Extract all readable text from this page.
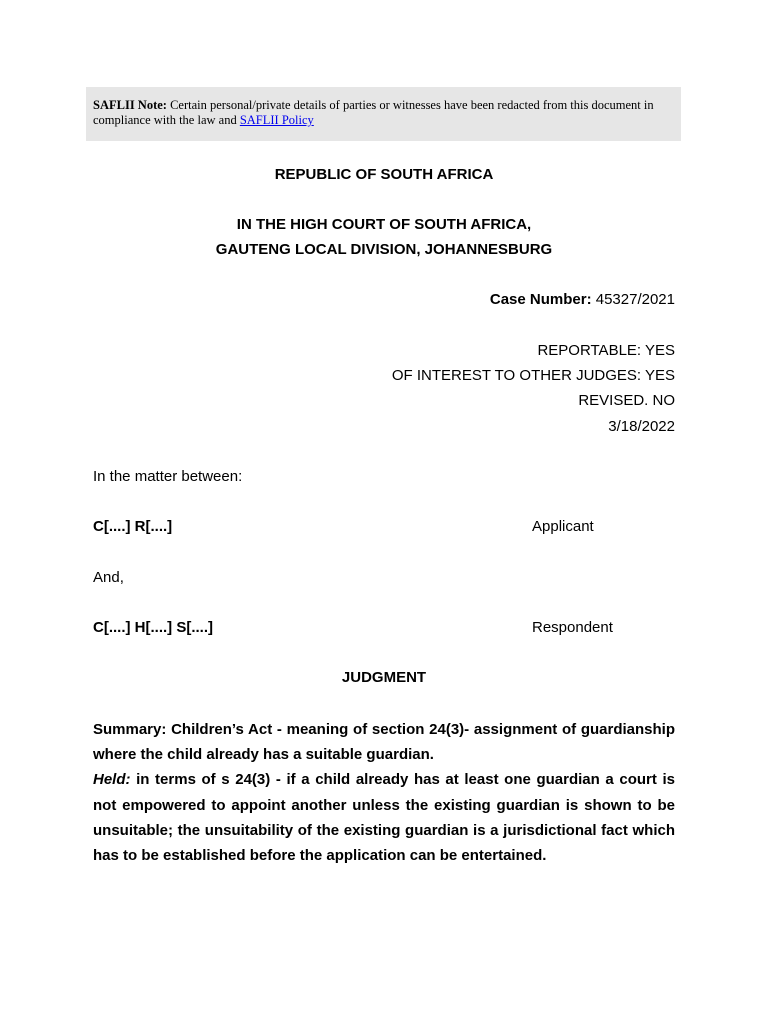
SAFLII Note: Certain personal/private details of parties or witnesses have been redacted from this document in compliance with the law and SAFLII Policy
REPUBLIC OF SOUTH AFRICA
IN THE HIGH COURT OF SOUTH AFRICA,
GAUTENG LOCAL DIVISION, JOHANNESBURG
Case Number: 45327/2021
REPORTABLE: YES
OF INTEREST TO OTHER JUDGES: YES
REVISED. NO
3/18/2022
In the matter between:
C[....] R[....]	Applicant
And,
C[....] H[....] S[....]	Respondent
JUDGMENT

Summary: Children’s Act - meaning of section 24(3)- assignment of guardianship where the child already has a suitable guardian.

Held: in terms of s 24(3) - if a child already has at least one guardian a court is not empowered to appoint another unless the existing guardian is shown to be unsuitable; the unsuitability of the existing guardian is a jurisdictional fact which has to be established before the application can be entertained.
